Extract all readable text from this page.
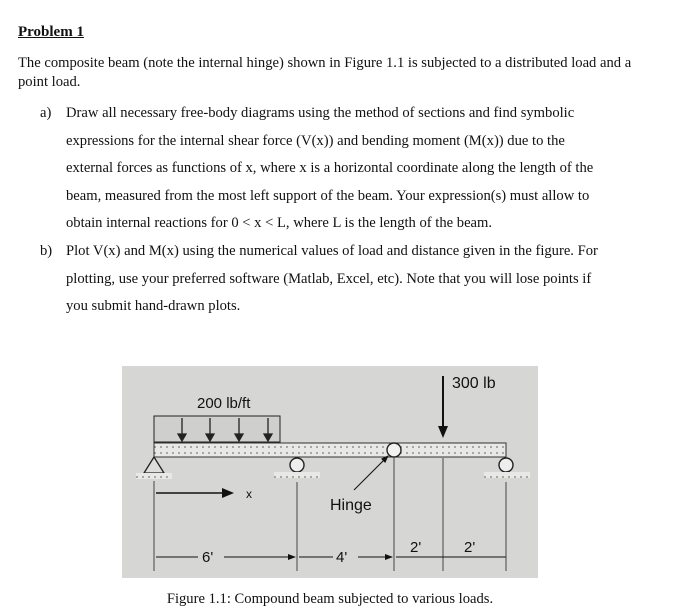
Problem 1
The composite beam (note the internal hinge) shown in Figure 1.1 is subjected to a distributed load and a point load.
a) Draw all necessary free-body diagrams using the method of sections and find symbolic

expressions for the internal shear force (V(x)) and bending moment (M(x)) due to the

external forces as functions of x, where x is a horizontal coordinate along the length of the

beam, measured from the most left support of the beam. Your expression(s) must allow to

obtain internal reactions for 0 < x < L, where L is the length of the beam.

b) Plot V(x) and M(x) using the numerical values of load and distance given in the figure. For

plotting, use your preferred software (Matlab, Excel, etc). Note that you will lose points if

you submit hand-drawn plots.

200 lb/ft
300 lb
x
Hinge
6'	4'
2'	2'
Figure 1.1: Compound beam subjected to various loads.
